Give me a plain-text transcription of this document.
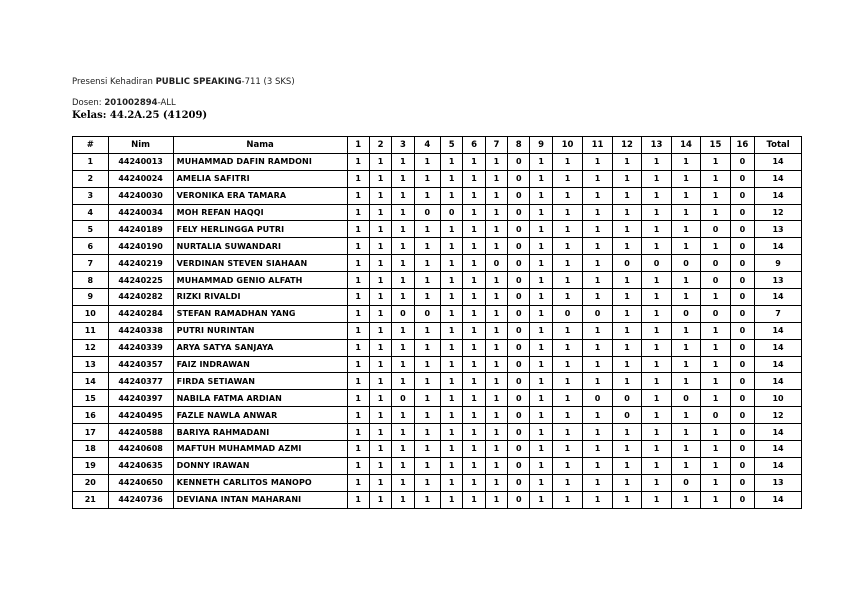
Presensi Kehadiran PUBLIC SPEAKING-711 (3 SKS)
Dosen: 201002894-ALL
Kelas: 44.2A.25 (41209)
#	Nim	Nama	1	2	3	4	5	6	7	8	9	10	11	12	13	14	15	16	Total
1	44240013	MUHAMMAD DAFIN RAMDONI	1	1	1	1	1	1	1	0	1	1	1	1	1	1	1	0	14
2	44240024	AMELIA SAFITRI	1	1	1	1	1	1	1	0	1	1	1	1	1	1	1	0	14
3	44240030	VERONIKA ERA TAMARA	1	1	1	1	1	1	1	0	1	1	1	1	1	1	1	0	14
4	44240034	MOH REFAN HAQQI	1	1	1	0	0	1	1	0	1	1	1	1	1	1	1	0	12
5	44240189	FELY HERLINGGA PUTRI	1	1	1	1	1	1	1	0	1	1	1	1	1	1	0	0	13
6	44240190	NURTALIA SUWANDARI	1	1	1	1	1	1	1	0	1	1	1	1	1	1	1	0	14
7	44240219	VERDINAN STEVEN SIAHAAN	1	1	1	1	1	1	0	0	1	1	1	0	0	0	0	0	9
8	44240225	MUHAMMAD GENIO ALFATH	1	1	1	1	1	1	1	0	1	1	1	1	1	1	0	0	13
9	44240282	RIZKI RIVALDI	1	1	1	1	1	1	1	0	1	1	1	1	1	1	1	0	14
10	44240284	STEFAN RAMADHAN YANG	1	1	0	0	1	1	1	0	1	0	0	1	1	0	0	0	7
11	44240338	PUTRI NURINTAN	1	1	1	1	1	1	1	0	1	1	1	1	1	1	1	0	14
12	44240339	ARYA SATYA SANJAYA	1	1	1	1	1	1	1	0	1	1	1	1	1	1	1	0	14
13	44240357	FAIZ INDRAWAN	1	1	1	1	1	1	1	0	1	1	1	1	1	1	1	0	14
14	44240377	FIRDA SETIAWAN	1	1	1	1	1	1	1	0	1	1	1	1	1	1	1	0	14
15	44240397	NABILA FATMA ARDIAN	1	1	0	1	1	1	1	0	1	1	0	0	1	0	1	0	10
16	44240495	FAZLE NAWLA ANWAR	1	1	1	1	1	1	1	0	1	1	1	0	1	1	0	0	12
17	44240588	BARIYA RAHMADANI	1	1	1	1	1	1	1	0	1	1	1	1	1	1	1	0	14
18	44240608	MAFTUH MUHAMMAD AZMI	1	1	1	1	1	1	1	0	1	1	1	1	1	1	1	0	14
19	44240635	DONNY IRAWAN	1	1	1	1	1	1	1	0	1	1	1	1	1	1	1	0	14
20	44240650	KENNETH CARLITOS MANOPO	1	1	1	1	1	1	1	0	1	1	1	1	1	0	1	0	13
21	44240736	DEVIANA INTAN MAHARANI	1	1	1	1	1	1	1	0	1	1	1	1	1	1	1	0	14
